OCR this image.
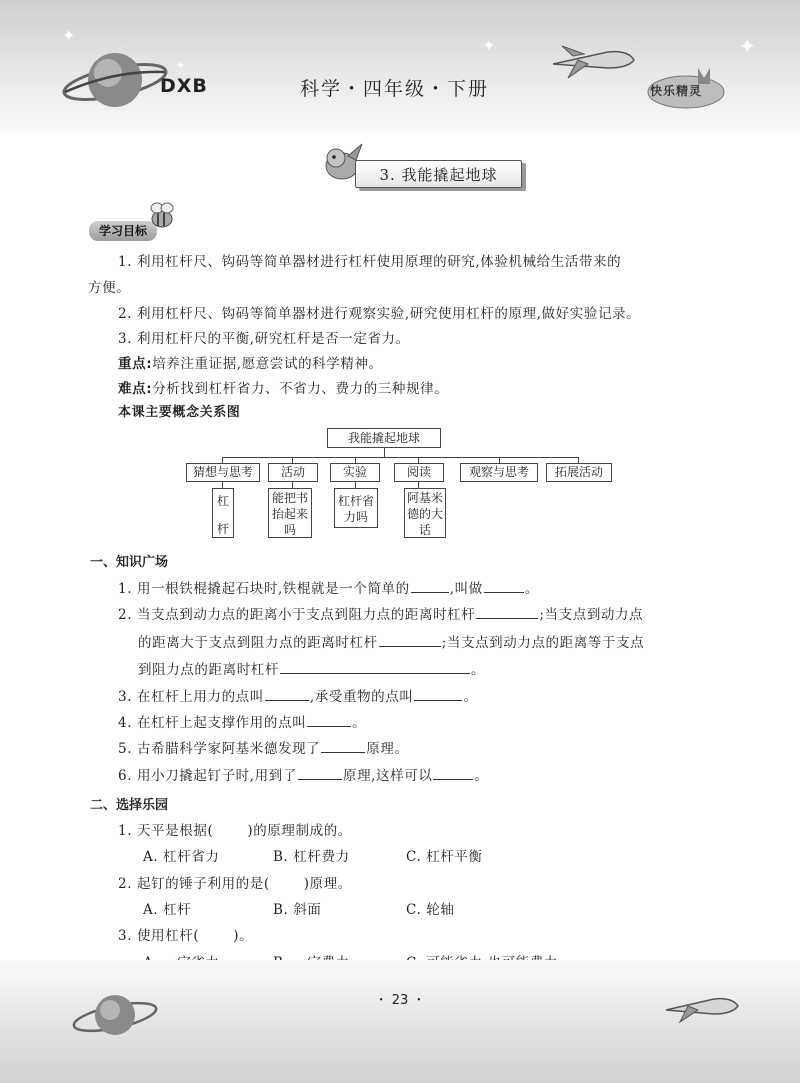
✦
✦	✦
✦
DXB	科学・四年级・下册	快乐精灵
3. 我能撬起地球
学习目标
1. 利用杠杆尺、钩码等简单器材进行杠杆使用原理的研究,体验机械给生活带来的
方便。
2. 利用杠杆尺、钩码等简单器材进行观察实验,研究使用杠杆的原理,做好实验记录。
3. 利用杠杆尺的平衡,研究杠杆是否一定省力。
重点:培养注重证据,愿意尝试的科学精神。
难点:分析找到杠杆省力、不省力、费力的三种规律。
本课主要概念关系图
我能撬起地球
猜想与思考	活动	实验	阅读	观察与思考	拓展活动
杠
杆
能把书
抬起来
吗
杠杆省
力吗
阿基米
德的大
话
一、知识广场
1. 用一根铁棍撬起石块时,铁棍就是一个简单的	,叫做	。
2. 当支点到动力点的距离小于支点到阻力点的距离时杠杆	;当支点到动力点
的距离大于支点到阻力点的距离时杠杆	;当支点到动力点的距离等于支点
到阻力点的距离时杠杆	。
3. 在杠杆上用力的点叫	,承受重物的点叫	。
4. 在杠杆上起支撑作用的点叫	。
5. 古希腊科学家阿基米德发现了	原理。
6. 用小刀撬起钉子时,用到了	原理,这样可以	。
二、选择乐园
1. 天平是根据(	)的原理制成的。
A. 杠杆省力	B. 杠杆费力	C. 杠杆平衡
2. 起钉的锤子利用的是(	)原理。
A. 杠杆	B. 斜面	C. 轮轴
3. 使用杠杆(	)。
・ 23 ・
